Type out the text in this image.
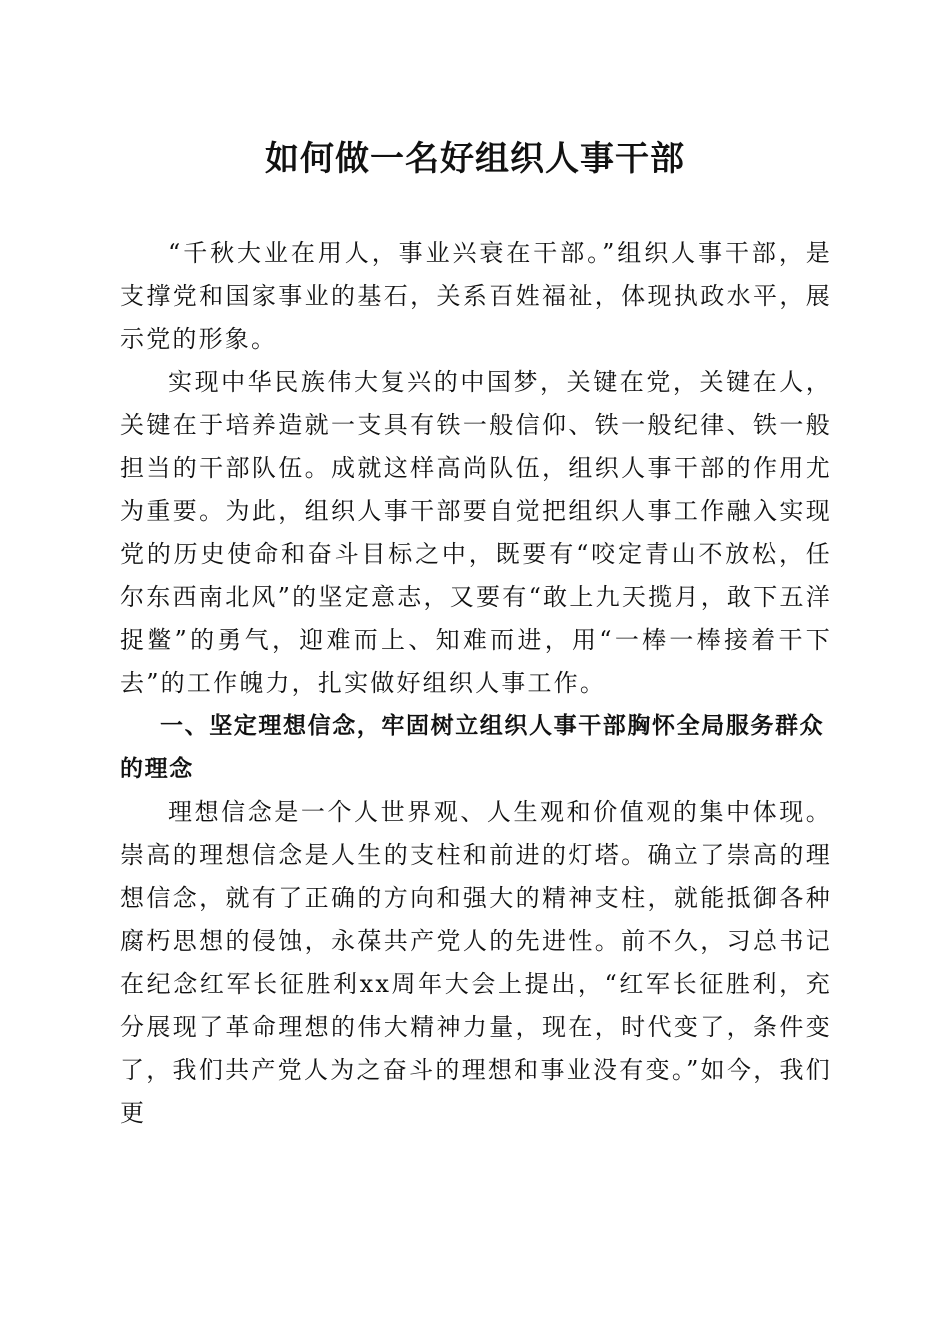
如何做一名好组织人事干部

“千秋大业在用人，事业兴衰在干部。”组织人事干部，是支撑党和国家事业的基石，关系百姓福祉，体现执政水平，展示党的形象。

实现中华民族伟大复兴的中国梦，关键在党，关键在人，关键在于培养造就一支具有铁一般信仰、铁一般纪律、铁一般担当的干部队伍。成就这样高尚队伍，组织人事干部的作用尤为重要。为此，组织人事干部要自觉把组织人事工作融入实现党的历史使命和奋斗目标之中，既要有“咬定青山不放松，任尔东西南北风”的坚定意志，又要有“敢上九天揽月，敢下五洋捉鳖”的勇气，迎难而上、知难而进，用“一棒一棒接着干下去”的工作魄力，扎实做好组织人事工作。

一、坚定理想信念，牢固树立组织人事干部胸怀全局服务群众的理念

理想信念是一个人世界观、人生观和价值观的集中体现。崇高的理想信念是人生的支柱和前进的灯塔。确立了崇高的理想信念，就有了正确的方向和强大的精神支柱，就能抵御各种腐朽思想的侵蚀，永葆共产党人的先进性。前不久，习总书记在纪念红军长征胜利xx周年大会上提出，“红军长征胜利，充分展现了革命理想的伟大精神力量，现在，时代变了，条件变了，我们共产党人为之奋斗的理想和事业没有变。”如今，我们更
